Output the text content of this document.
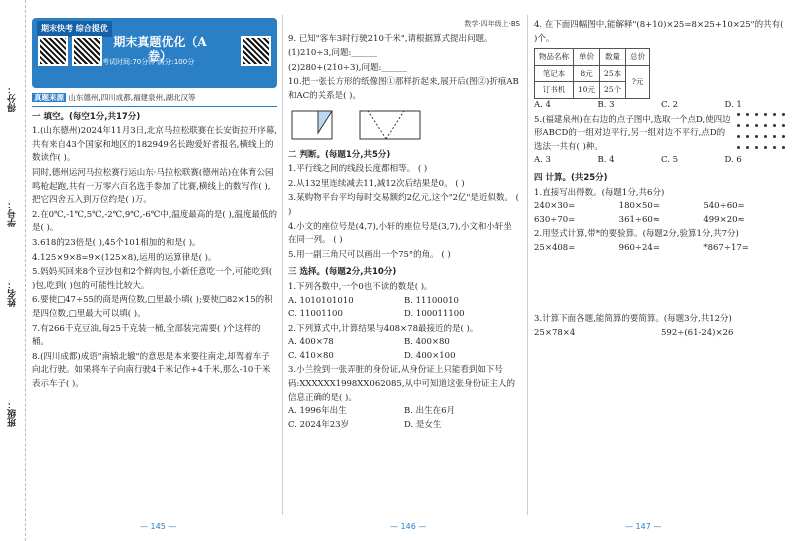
得分：
学号：
姓名：
班级：
期末快考 综合提优
期末真题优化（A卷）
考试时间:70分钟 满分:100分
真题来源 山东德州,四川成都,福建泉州,湖北汉等
一 填空。(每空1分,共17分)
1.(山东德州)2024年11月3日,北京马拉松联赛在长安街拉开序幕,共有来自43个国家和地区的182949名长跑爱好者报名,横线上的数读作( )。
同时,德州运河马拉松赛行运山东·马拉松联赛(德州站)在体育公园鸣枪起跑,共有一万零六百名选手参加了比赛,横线上的数写作( ),把它四舍五入到万位约是( )万。
2.在0℃,-1℃,5℃,-2℃,9℃,-6℃中,温度最高的是( ),温度最低的是( )。
3.618的23倍是( ),45个101相加的和是( )。
4.125×9×8=9×(125×8),运用的运算律是( )。
5.妈妈买回来8个豆沙包和2个鲜肉包,小新任意吃一个,可能吃到( )包,吃到( )包的可能性比较大。
6.要使□47÷55的商是两位数,□里最小填( );要使□82×15的积是四位数,□里最大可以填( )。
7.有266千克豆油,每25千克装一桶,全部装完需要( )个这样的桶。
8.(四川成都)成语"南辕北辙"的意思是本来要往南走,却驾着车子向北行驶。如果将车子向南行驶4千米记作+4千米,那么-10千米表示车子( )。
— 145 —
数学·四年级上·BS
9. 已知"客车3时行驶210千米",请根据算式提出问题。
(1)210÷3,问题:______
(2)280+(210÷3),问题:______
10.把一张长方形的纸像图①那样折起来,展开后(图②)折痕AB和AC的关系是( )。
二 判断。(每题1分,共5分)
1.平行线之间的线段长度都相等。 ( )
2.从132里连续减去11,减12次后结果是0。 ( )
3.某购物平台平均每时交易额约2亿元,这个"2亿"是近似数。 ( )
4.小文的座位号是(4,7),小轩的座位号是(3,7),小文和小轩坐在同一列。 ( )
5.用一副三角尺可以画出一个75°的角。 ( )
三 选择。(每题2分,共10分)
1.下列各数中,一个0也不读的数是( )。
A. 1010101010	B. 11100010
C. 11001100	D. 100011100
2.下列算式中,计算结果与408×78最接近的是( )。
A. 400×78	B. 400×80
C. 410×80	D. 400×100
3.小兰捡到一张弄脏的身份证,从身份证上只能看到如下号码:XXXXXX1998XX062085,从中可知道这张身份证主人的信息正确的是( )。
A. 1996年出生	B. 出生在6月
C. 2024年23岁	D. 是女生
— 146 —
4. 在下面四幅图中,能解释"(8+10)×25=8×25+10×25"的共有( )个。
物品名称	单价	数量	总价
笔记本	8元	25本	?元
订书机	10元	25个	
A. 4	B. 3	C. 2	D. 1
5.(福建泉州)在右边的点子图中,选取一个点D,使四边形ABCD的一组对边平行,另一组对边不平行,点D的选法一共有( )种。
A. 3	B. 4	C. 5	D. 6
四 计算。(共25分)
1.直接写出得数。(每题1分,共6分)
240×30=	180×50=	540÷60=
630÷70=	361÷60≈	499×20≈
2.用竖式计算,带*的要验算。(每题2分,验算1分,共7分)
25×408=	960÷24=	*867÷17=
3.计算下面各题,能简算的要简算。(每题3分,共12分)
25×78×4	592÷(61-24)×26
— 147 —
